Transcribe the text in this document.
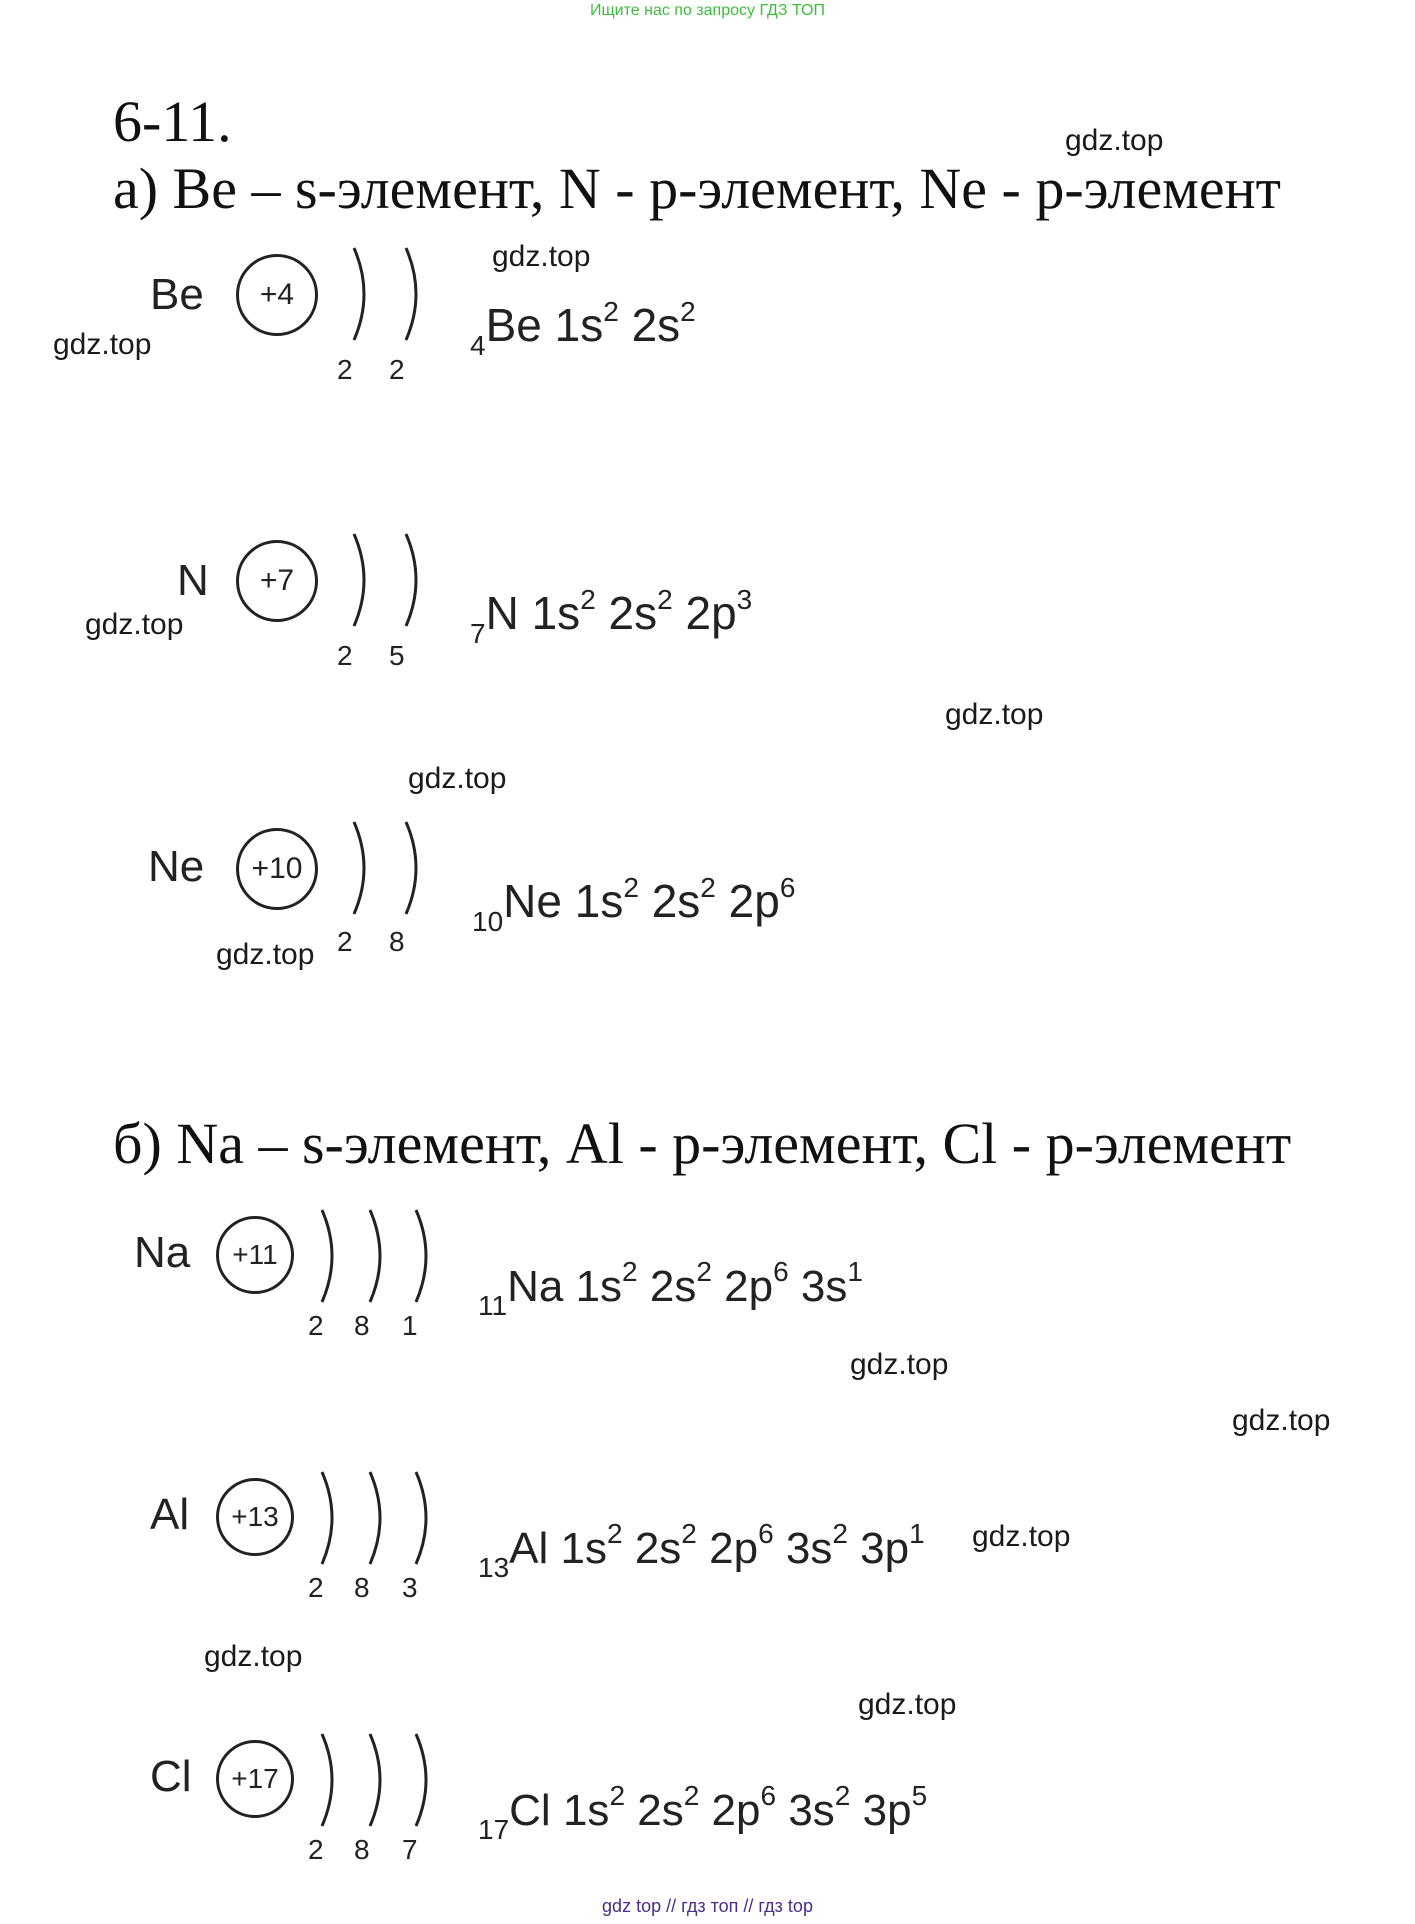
Ищите нас по запросу ГДЗ ТОП
6-11.
а) Be – s-элемент, N - p-элемент, Ne - p-элемент
б) Na – s-элемент, Al - p-элемент, Cl - p-элемент
gdz.top
gdz.top
gdz.top
gdz.top
gdz.top
gdz.top
gdz.top
gdz.top
gdz.top
gdz.top
gdz.top
gdz.top
Be	+4
2 2
$_4$Be $1s^2$ $2s^2$
N	+7
2 5
$_7$N $1s^2$ $2s^2$ $2p^3$
Ne	+10
2 8
$_{10}$Ne $1s^2$ $2s^2$ $2p^6$
Na	+11
2 8 1
$_{11}$Na $1s^2$ $2s^2$ $2p^6$ $3s^1$
Al	+13
2 8 3
$_{13}$Al $1s^2$ $2s^2$ $2p^6$ $3s^2$ $3p^1$
Cl	+17
2 8 7
$_{17}$Cl $1s^2$ $2s^2$ $2p^6$ $3s^2$ $3p^5$
gdz top // гдз топ // гдз top
